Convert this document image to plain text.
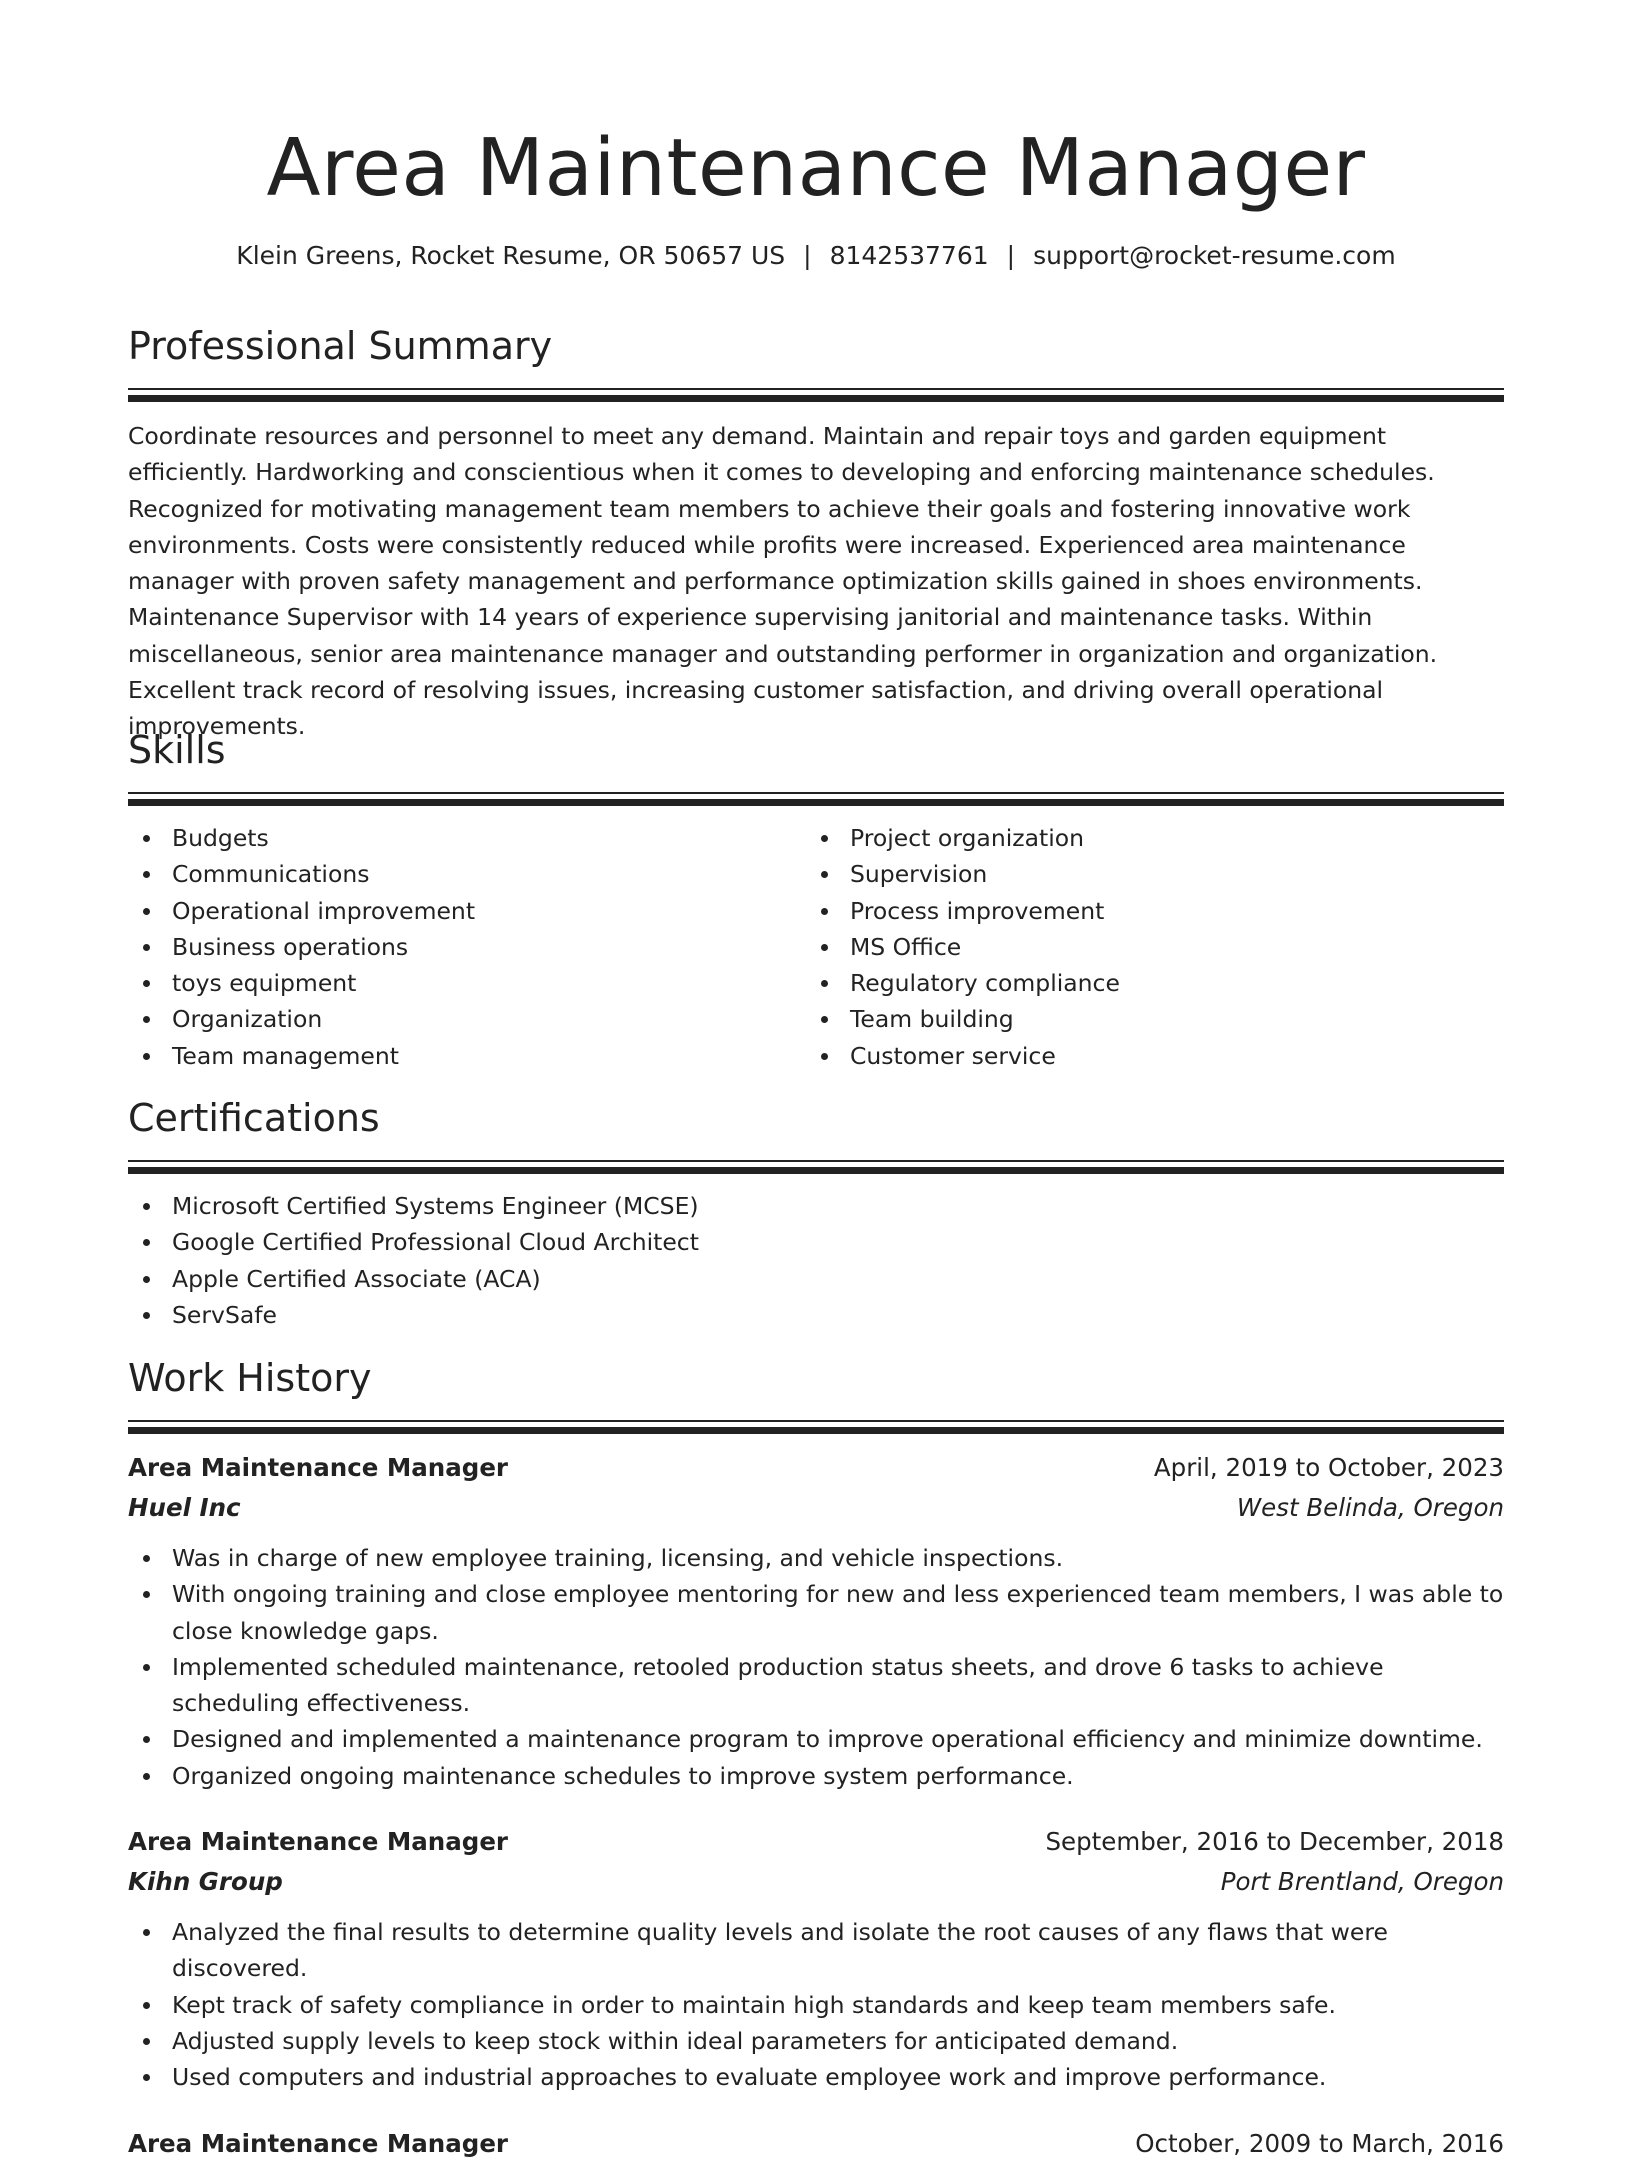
Area Maintenance Manager
Klein Greens, Rocket Resume, OR 50657 US | 8142537761 | support@rocket-resume.com
Professional Summary

Coordinate resources and personnel to meet any demand. Maintain and repair toys and garden equipment efficiently. Hardworking and conscientious when it comes to developing and enforcing maintenance schedules. Recognized for motivating management team members to achieve their goals and fostering innovative work environments. Costs were consistently reduced while profits were increased. Experienced area maintenance manager with proven safety management and performance optimization skills gained in shoes environments. Maintenance Supervisor with 14 years of experience supervising janitorial and maintenance tasks. Within miscellaneous, senior area maintenance manager and outstanding performer in organization and organization. Excellent track record of resolving issues, increasing customer satisfaction, and driving overall operational improvements.

Skills
Budgets
Communications
Operational improvement
Business operations
toys equipment
Organization
Team management
Project organization
Supervision
Process improvement
MS Office
Regulatory compliance
Team building
Customer service
Certifications
Microsoft Certified Systems Engineer (MCSE)
Google Certified Professional Cloud Architect
Apple Certified Associate (ACA)
ServSafe
Work History
Area Maintenance Manager	April, 2019 to October, 2023
Huel Inc	West Belinda, Oregon
Was in charge of new employee training, licensing, and vehicle inspections.
With ongoing training and close employee mentoring for new and less experienced team members, I was able to close knowledge gaps.
Implemented scheduled maintenance, retooled production status sheets, and drove 6 tasks to achieve scheduling effectiveness.
Designed and implemented a maintenance program to improve operational efficiency and minimize downtime.
Organized ongoing maintenance schedules to improve system performance.
Area Maintenance Manager	September, 2016 to December, 2018
Kihn Group	Port Brentland, Oregon
Analyzed the final results to determine quality levels and isolate the root causes of any flaws that were discovered.
Kept track of safety compliance in order to maintain high standards and keep team members safe.
Adjusted supply levels to keep stock within ideal parameters for anticipated demand.
Used computers and industrial approaches to evaluate employee work and improve performance.
Area Maintenance Manager	October, 2009 to March, 2016
